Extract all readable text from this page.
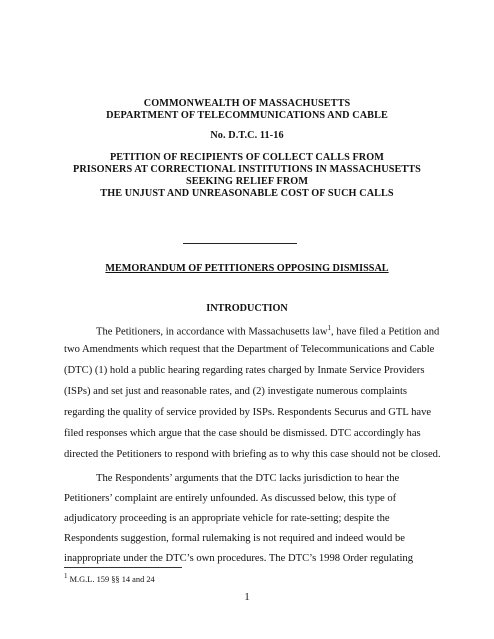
COMMONWEALTH OF MASSACHUSETTS
DEPARTMENT OF TELECOMMUNICATIONS AND CABLE
No. D.T.C. 11-16
PETITION OF RECIPIENTS OF COLLECT CALLS FROM
PRISONERS AT CORRECTIONAL INSTITUTIONS IN MASSACHUSETTS
SEEKING RELIEF FROM
THE UNJUST AND UNREASONABLE COST OF SUCH CALLS
MEMORANDUM OF PETITIONERS OPPOSING DISMISSAL
INTRODUCTION
The Petitioners, in accordance with Massachusetts law$^1$, have filed a Petition and
two Amendments which request that the Department of Telecommunications and Cable
(DTC) (1) hold a public hearing regarding rates charged by Inmate Service Providers
(ISPs) and set just and reasonable rates, and (2) investigate numerous complaints
regarding the quality of service provided by ISPs. Respondents Securus and GTL have
filed responses which argue that the case should be dismissed. DTC accordingly has
directed the Petitioners to respond with briefing as to why this case should not be closed.
$^1$ M.G.L. 159 §§ 14 and 24
1
The Respondents’ arguments that the DTC lacks jurisdiction to hear the
Petitioners’ complaint are entirely unfounded. As discussed below, this type of
adjudicatory proceeding is an appropriate vehicle for rate-setting; despite the
Respondents suggestion, formal rulemaking is not required and indeed would be
inappropriate under the DTC’s own procedures. The DTC’s 1998 Order regulating
